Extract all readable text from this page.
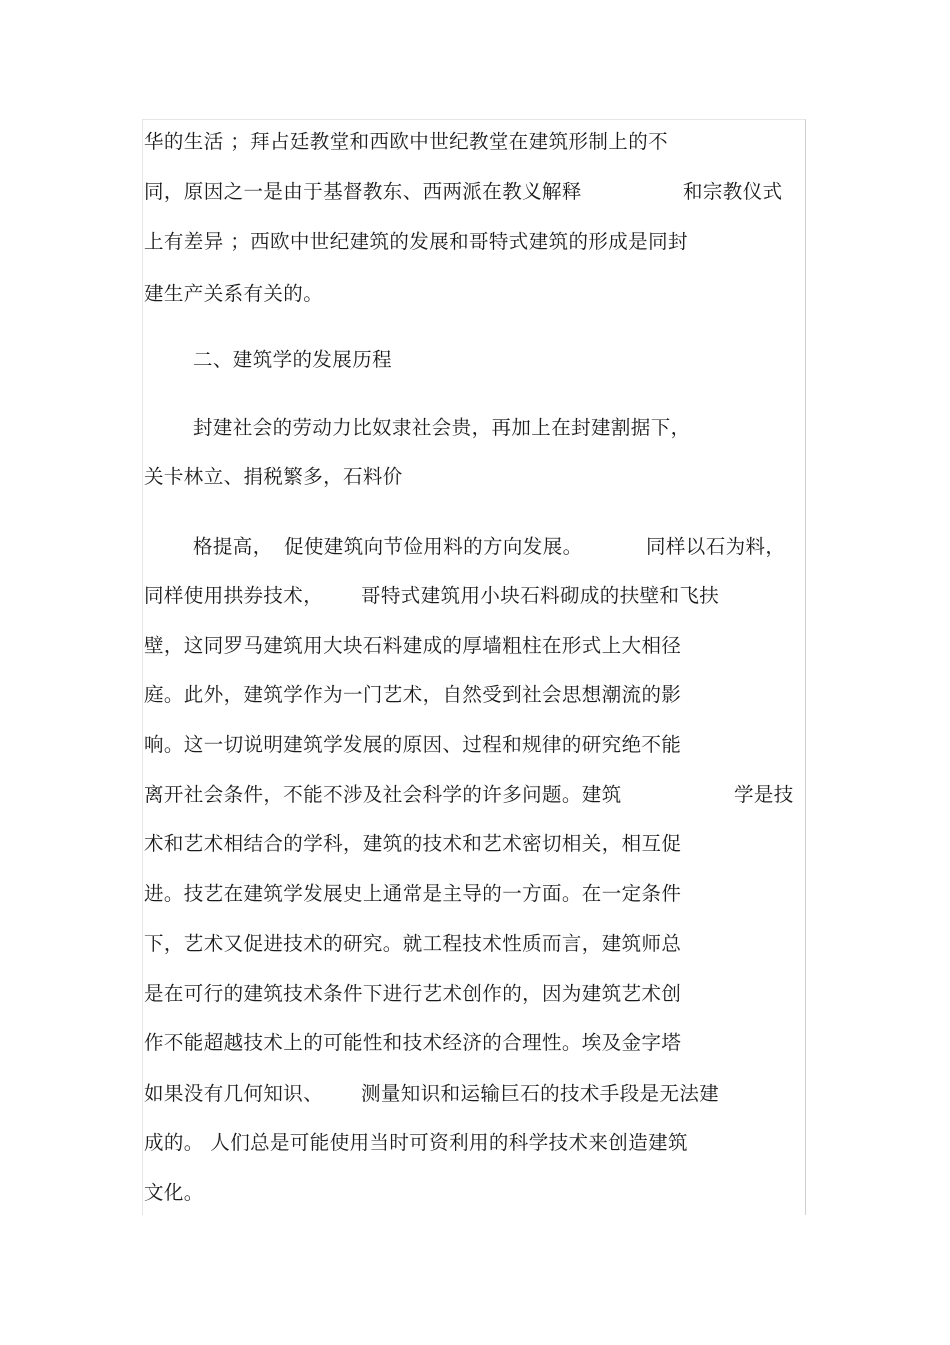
华的生活 ；拜占廷教堂和西欧中世纪教堂在建筑形制上的不
同，原因之一是由于基督教东、西两派在教义解释	和宗教仪式
上有差异 ；西欧中世纪建筑的发展和哥特式建筑的形成是同封
建生产关系有关的。
二、建筑学的发展历程
封建社会的劳动力比奴隶社会贵，再加上在封建割据下，
关卡林立、捐税繁多，石料价
格提高， 促使建筑向节俭用料的方向发展。	同样以石为料，
同样使用拱券技术， 哥特式建筑用小块石料砌成的扶壁和飞扶
壁，这同罗马建筑用大块石料建成的厚墙粗柱在形式上大相径
庭。此外，建筑学作为一门艺术，自然受到社会思想潮流的影
响。这一切说明建筑学发展的原因、过程和规律的研究绝不能
离开社会条件，不能不涉及社会科学的许多问题。建筑	学是技
术和艺术相结合的学科，建筑的技术和艺术密切相关，相互促
进。技艺在建筑学发展史上通常是主导的一方面。在一定条件
下，艺术又促进技术的研究。就工程技术性质而言，建筑师总
是在可行的建筑技术条件下进行艺术创作的，因为建筑艺术创
作不能超越技术上的可能性和技术经济的合理性。埃及金字塔
如果没有几何知识、 测量知识和运输巨石的技术手段是无法建
成的。 人们总是可能使用当时可资利用的科学技术来创造建筑
文化。
